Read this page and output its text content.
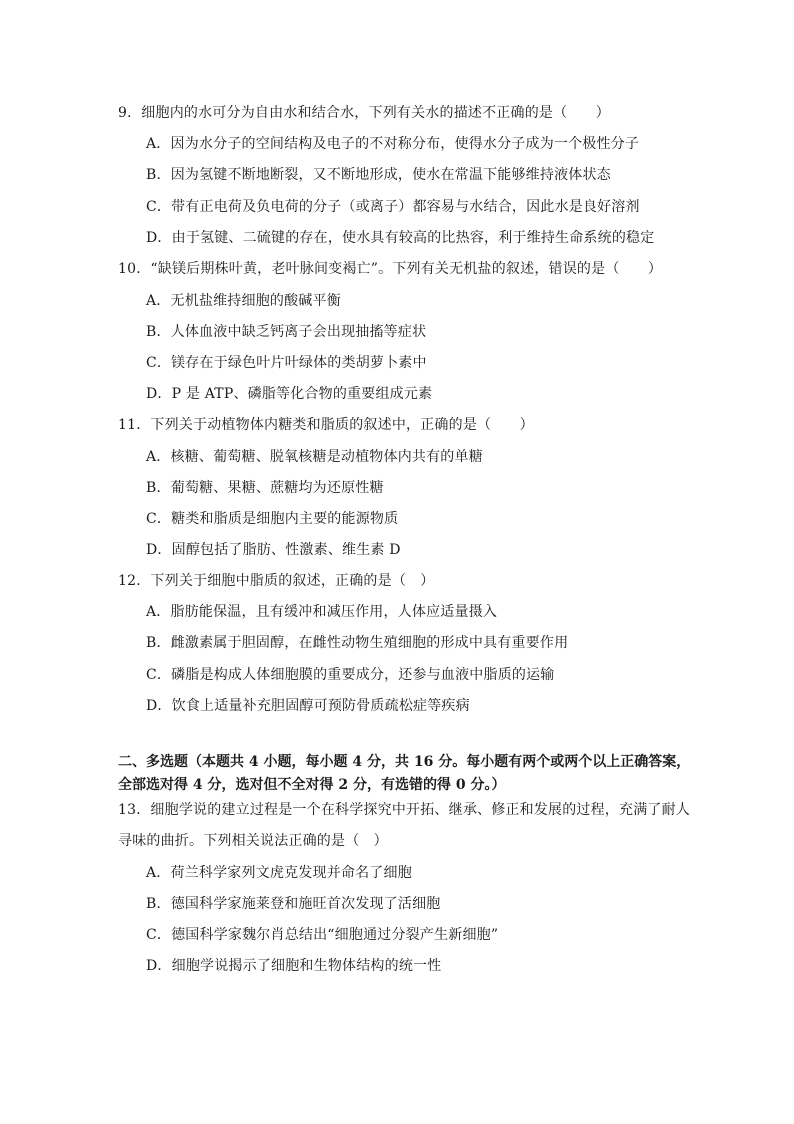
9．细胞内的水可分为自由水和结合水，下列有关水的描述不正确的是（　　）
A．因为水分子的空间结构及电子的不对称分布，使得水分子成为一个极性分子
B．因为氢键不断地断裂，又不断地形成，使水在常温下能够维持液体状态
C．带有正电荷及负电荷的分子（或离子）都容易与水结合，因此水是良好溶剂
D．由于氢键、二硫键的存在，使水具有较高的比热容，利于维持生命系统的稳定
10．“缺镁后期株叶黄，老叶脉间变褐亡”。下列有关无机盐的叙述，错误的是（　　）
A．无机盐维持细胞的酸碱平衡
B．人体血液中缺乏钙离子会出现抽搐等症状
C．镁存在于绿色叶片叶绿体的类胡萝卜素中
D．P 是 ATP、磷脂等化合物的重要组成元素
11．下列关于动植物体内糖类和脂质的叙述中，正确的是（　　）
A．核糖、葡萄糖、脱氧核糖是动植物体内共有的单糖
B．葡萄糖、果糖、蔗糖均为还原性糖
C．糖类和脂质是细胞内主要的能源物质
D．固醇包括了脂肪、性激素、维生素 D
12．下列关于细胞中脂质的叙述，正确的是（　）
A．脂肪能保温，且有缓冲和减压作用，人体应适量摄入
B．雌激素属于胆固醇，在雌性动物生殖细胞的形成中具有重要作用
C．磷脂是构成人体细胞膜的重要成分，还参与血液中脂质的运输
D．饮食上适量补充胆固醇可预防骨质疏松症等疾病
二、多选题（本题共 4 小题，每小题 4 分，共 16 分。每小题有两个或两个以上正确答案，
全部选对得 4 分，选对但不全对得 2 分，有选错的得 0 分。）
13．细胞学说的建立过程是一个在科学探究中开拓、继承、修正和发展的过程，充满了耐人
寻味的曲折。下列相关说法正确的是（　）
A．荷兰科学家列文虎克发现并命名了细胞
B．德国科学家施莱登和施旺首次发现了活细胞
C．德国科学家魏尔肖总结出“细胞通过分裂产生新细胞”
D．细胞学说揭示了细胞和生物体结构的统一性
